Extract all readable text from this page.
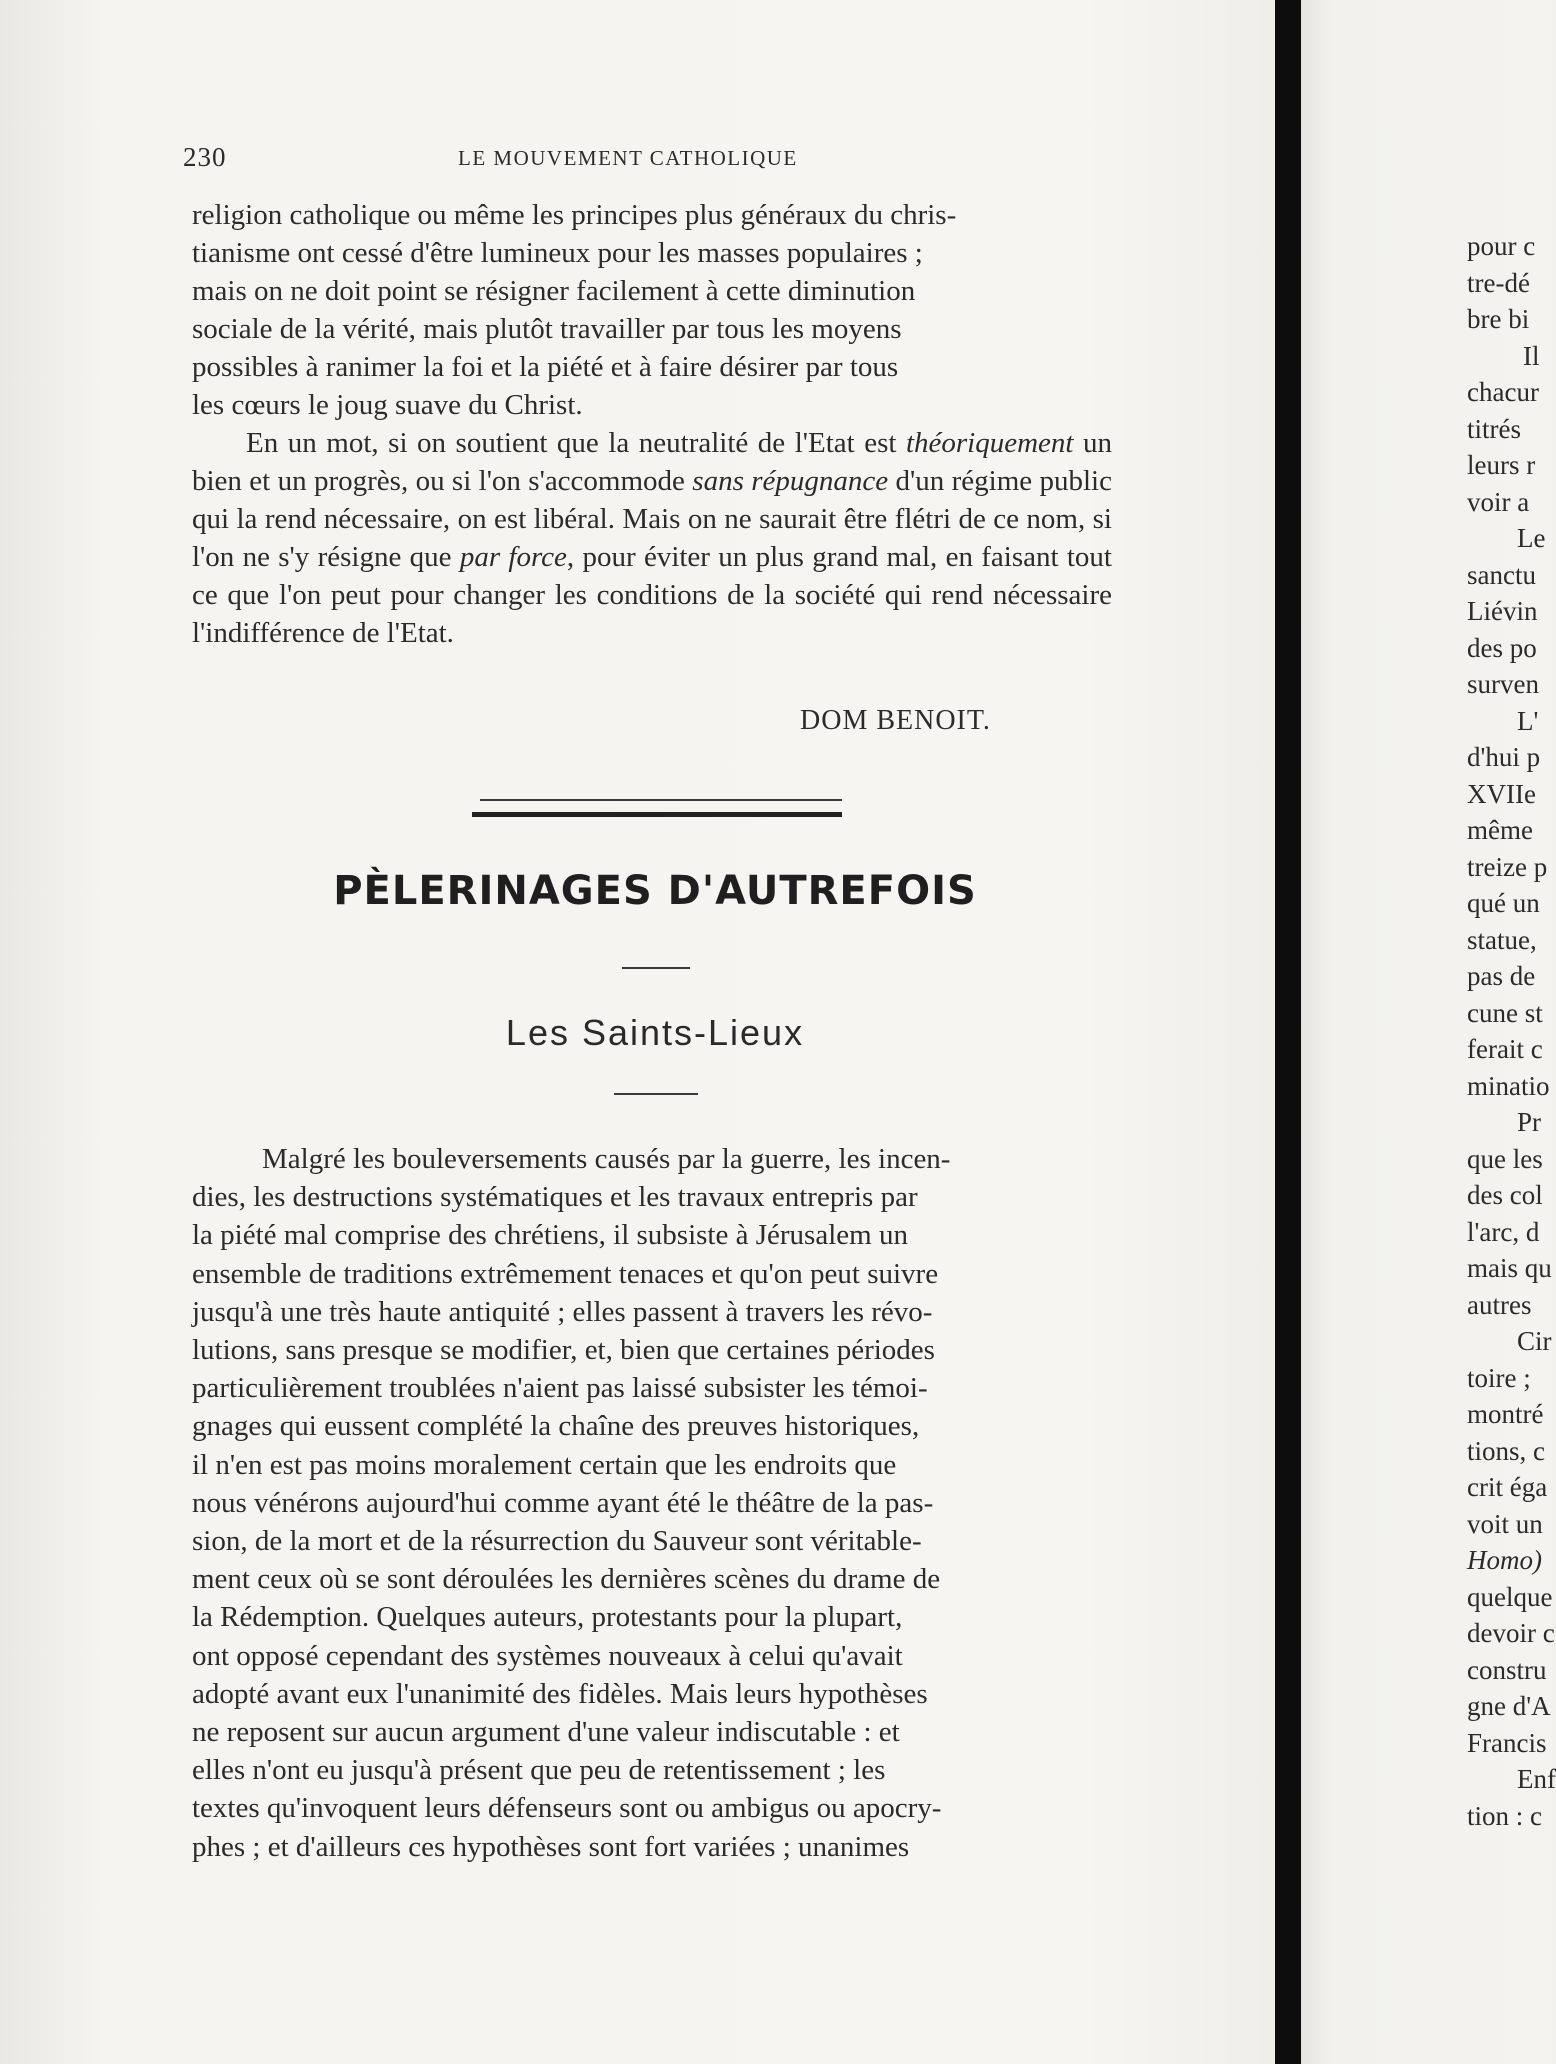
230	LE MOUVEMENT CATHOLIQUE
religion catholique ou même les principes plus généraux du chris-
tianisme ont cessé d'être lumineux pour les masses populaires ;
mais on ne doit point se résigner facilement à cette diminution
sociale de la vérité, mais plutôt travailler par tous les moyens
possibles à ranimer la foi et la piété et à faire désirer par tous
les cœurs le joug suave du Christ.

En un mot, si on soutient que la neutralité de l'Etat est théoriquement un bien et un progrès, ou si l'on s'accommode sans répugnance d'un régime public qui la rend nécessaire, on est libéral. Mais on ne saurait être flétri de ce nom, si l'on ne s'y résigne que par force, pour éviter un plus grand mal, en faisant tout ce que l'on peut pour changer les conditions de la société qui rend nécessaire l'indifférence de l'Etat.

DOM BENOIT.
PÈLERINAGES D'AUTREFOIS
Les Saints-Lieux
Malgré les bouleversements causés par la guerre, les incen-
dies, les destructions systématiques et les travaux entrepris par
la piété mal comprise des chrétiens, il subsiste à Jérusalem un
ensemble de traditions extrêmement tenaces et qu'on peut suivre
jusqu'à une très haute antiquité ; elles passent à travers les révo-
lutions, sans presque se modifier, et, bien que certaines périodes
particulièrement troublées n'aient pas laissé subsister les témoi-
gnages qui eussent complété la chaîne des preuves historiques,
il n'en est pas moins moralement certain que les endroits que
nous vénérons aujourd'hui comme ayant été le théâtre de la pas-
sion, de la mort et de la résurrection du Sauveur sont véritable-
ment ceux où se sont déroulées les dernières scènes du drame de
la Rédemption. Quelques auteurs, protestants pour la plupart,
ont opposé cependant des systèmes nouveaux à celui qu'avait
adopté avant eux l'unanimité des fidèles. Mais leurs hypothèses
ne reposent sur aucun argument d'une valeur indiscutable : et
elles n'ont eu jusqu'à présent que peu de retentissement ; les
textes qu'invoquent leurs défenseurs sont ou ambigus ou apocry-
phes ; et d'ailleurs ces hypothèses sont fort variées ; unanimes
pour c
tre-dé
bre bi
Il
chacur
titrés
leurs r
voir a
Le
sanctu
Liévin
des po
surven
L'
d'hui p
XVIIe
même
treize p
qué un
statue,
pas de
cune st
ferait c
minatio
Pr
que les
des col
l'arc, d
mais qu
autres
Cir
toire ;
montré
tions, c
crit éga
voit un
Homo)
quelque
devoir c
constru
gne d'A
Francis
Enf
tion : c
